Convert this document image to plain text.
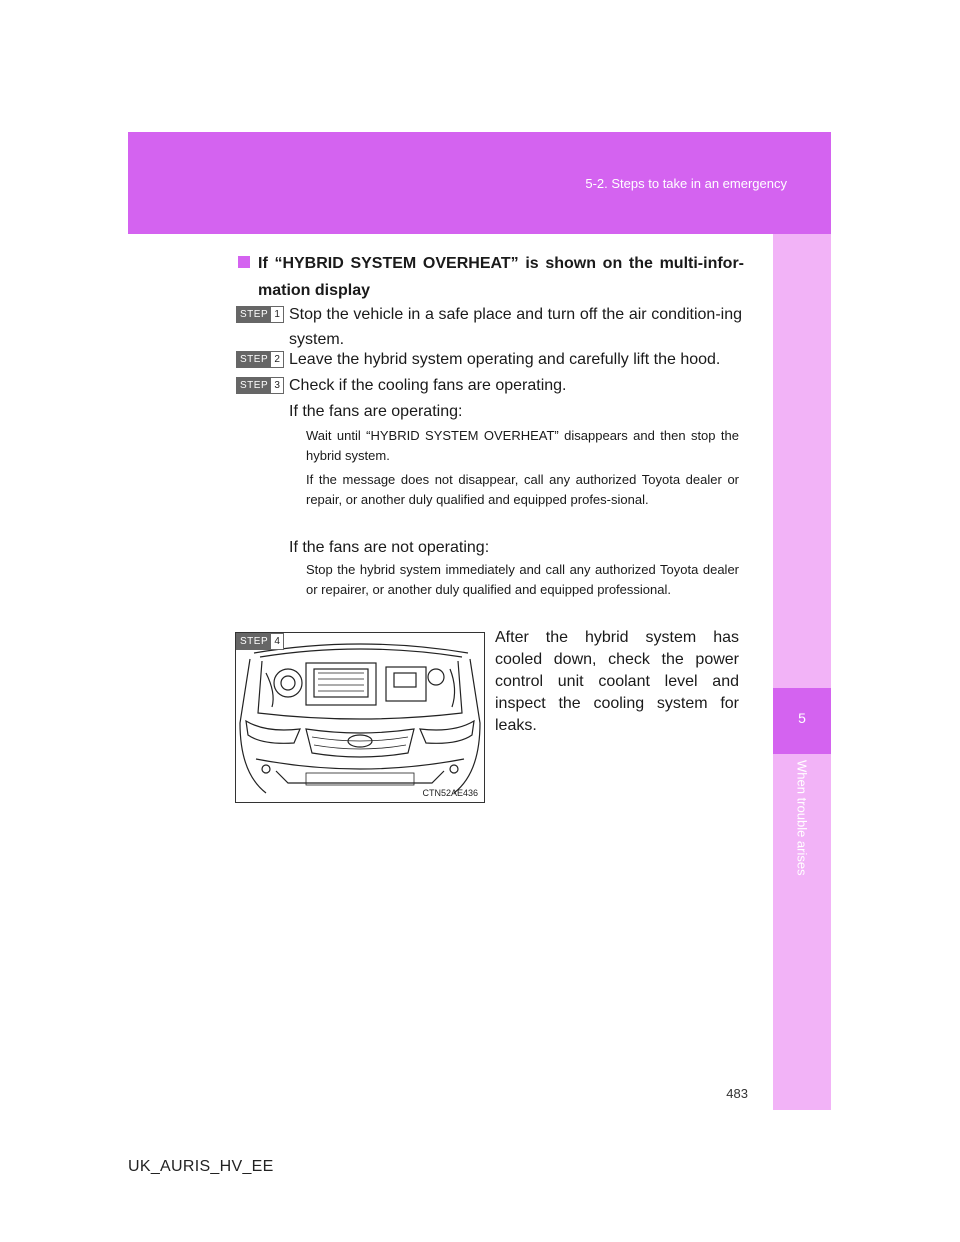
5-2. Steps to take in an emergency
5
When trouble arises
If “HYBRID SYSTEM OVERHEAT” is shown on the multi-infor-mation display
STEP 1 Stop the vehicle in a safe place and turn off the air condition-ing system.
STEP 2 Leave the hybrid system operating and carefully lift the hood.
STEP 3 Check if the cooling fans are operating.
If the fans are operating:
Wait until “HYBRID SYSTEM OVERHEAT” disappears and then stop the hybrid system.
If the message does not disappear, call any authorized Toyota dealer or repair, or another duly qualified and equipped profes-sional.
If the fans are not operating:
Stop the hybrid system immediately and call any authorized Toyota dealer or repairer, or another duly qualified and equipped professional.
CTN52AE436
STEP 4	After the hybrid system has cooled down, check the power control unit coolant level and inspect the cooling system for leaks.
483
UK_AURIS_HV_EE
